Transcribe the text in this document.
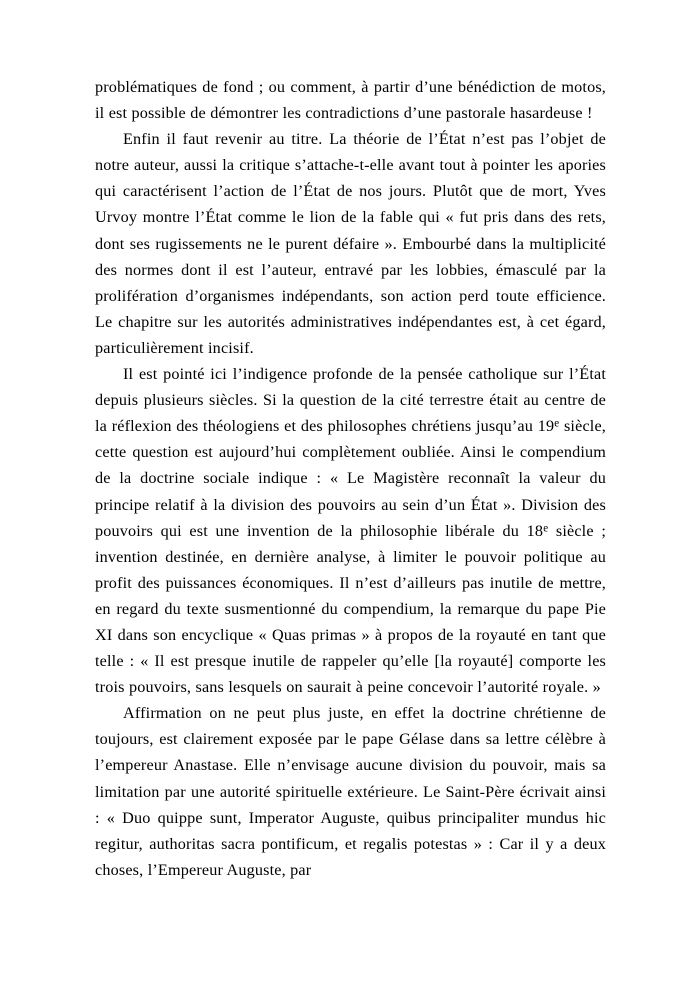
problématiques de fond ; ou comment, à partir d’une bénédiction de motos, il est possible de démontrer les contradictions d’une pastorale hasardeuse !

Enfin il faut revenir au titre. La théorie de l’État n’est pas l’objet de notre auteur, aussi la critique s’attache-t-elle avant tout à pointer les apories qui caractérisent l’action de l’État de nos jours. Plutôt que de mort, Yves Urvoy montre l’État comme le lion de la fable qui « fut pris dans des rets, dont ses rugissements ne le purent défaire ». Embourbé dans la multiplicité des normes dont il est l’auteur, entravé par les lobbies, émasculé par la prolifération d’organismes indépendants, son action perd toute efficience. Le chapitre sur les autorités administratives indépendantes est, à cet égard, particulièrement incisif.

Il est pointé ici l’indigence profonde de la pensée catholique sur l’État depuis plusieurs siècles. Si la question de la cité terrestre était au centre de la réflexion des théologiens et des philosophes chrétiens jusqu’au 19e siècle, cette question est aujourd’hui complètement oubliée. Ainsi le compendium de la doctrine sociale indique : « Le Magistère reconnaît la valeur du principe relatif à la division des pouvoirs au sein d’un État ». Division des pouvoirs qui est une invention de la philosophie libérale du 18e siècle ; invention destinée, en dernière analyse, à limiter le pouvoir politique au profit des puissances économiques. Il n’est d’ailleurs pas inutile de mettre, en regard du texte susmentionné du compendium, la remarque du pape Pie XI dans son encyclique « Quas primas » à propos de la royauté en tant que telle : « Il est presque inutile de rappeler qu’elle [la royauté] comporte les trois pouvoirs, sans lesquels on saurait à peine concevoir l’autorité royale. »

Affirmation on ne peut plus juste, en effet la doctrine chrétienne de toujours, est clairement exposée par le pape Gélase dans sa lettre célèbre à l’empereur Anastase. Elle n’envisage aucune division du pouvoir, mais sa limitation par une autorité spirituelle extérieure. Le Saint-Père écrivait ainsi : « Duo quippe sunt, Imperator Auguste, quibus principaliter mundus hic regitur, authoritas sacra pontificum, et regalis potestas » : Car il y a deux choses, l’Empereur Auguste, par
